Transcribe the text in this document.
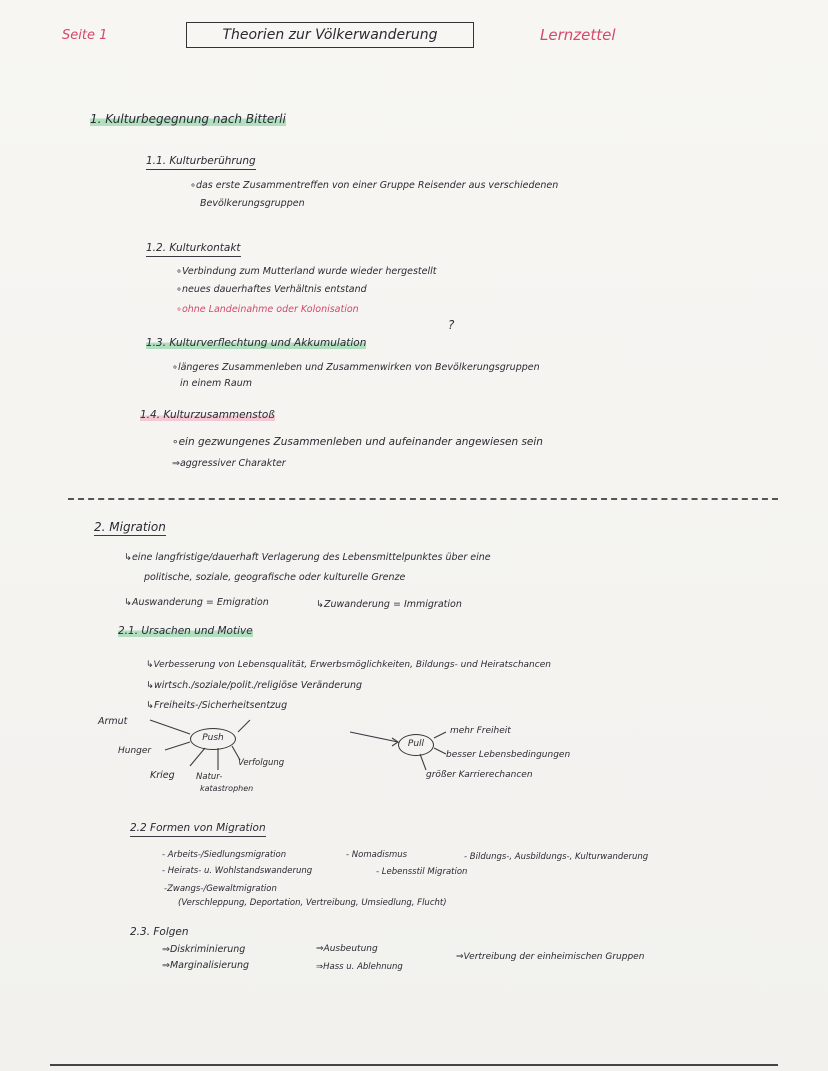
Seite 1	Theorien zur Völkerwanderung	Lernzettel
1. Kulturbegegnung nach Bitterli
1.1. Kulturberührung
∘das erste Zusammentreffen von einer Gruppe Reisender aus verschiedenen
Bevölkerungsgruppen
1.2. Kulturkontakt
∘Verbindung zum Mutterland wurde wieder hergestellt
∘neues dauerhaftes Verhältnis entstand
∘ohne Landeinahme oder Kolonisation
?
1.3. Kulturverflechtung und Akkumulation
∘längeres Zusammenleben und Zusammenwirken von Bevölkerungsgruppen
in einem Raum
1.4. Kulturzusammenstoß
∘ein gezwungenes Zusammenleben und aufeinander angewiesen sein
⇒aggressiver Charakter
2. Migration
↳eine langfristige/dauerhaft Verlagerung des Lebensmittelpunktes über eine
politische, soziale, geografische oder kulturelle Grenze
↳Auswanderung = Emigration	↳Zuwanderung = Immigration
2.1. Ursachen und Motive
↳Verbesserung von Lebensqualität, Erwerbsmöglichkeiten, Bildungs- und Heiratschancen
↳wirtsch./soziale/polit./religiöse Veränderung
↳Freiheits-/Sicherheitsentzug
Armut
Hunger
Krieg	Natur-
katastrophen
Verfolgung
Push
Pull
mehr Freiheit
besser Lebensbedingungen
größer Karrierechancen
2.2 Formen von Migration
- Arbeits-/Siedlungsmigration	- Nomadismus	- Bildungs-, Ausbildungs-, Kulturwanderung
- Heirats- u. Wohlstandswanderung	- Lebensstil Migration
-Zwangs-/Gewaltmigration
(Verschleppung, Deportation, Vertreibung, Umsiedlung, Flucht)
2.3. Folgen
⇒Diskriminierung
⇒Marginalisierung
⇒Ausbeutung
⇒Hass u. Ablehnung
⇒Vertreibung der einheimischen Gruppen
